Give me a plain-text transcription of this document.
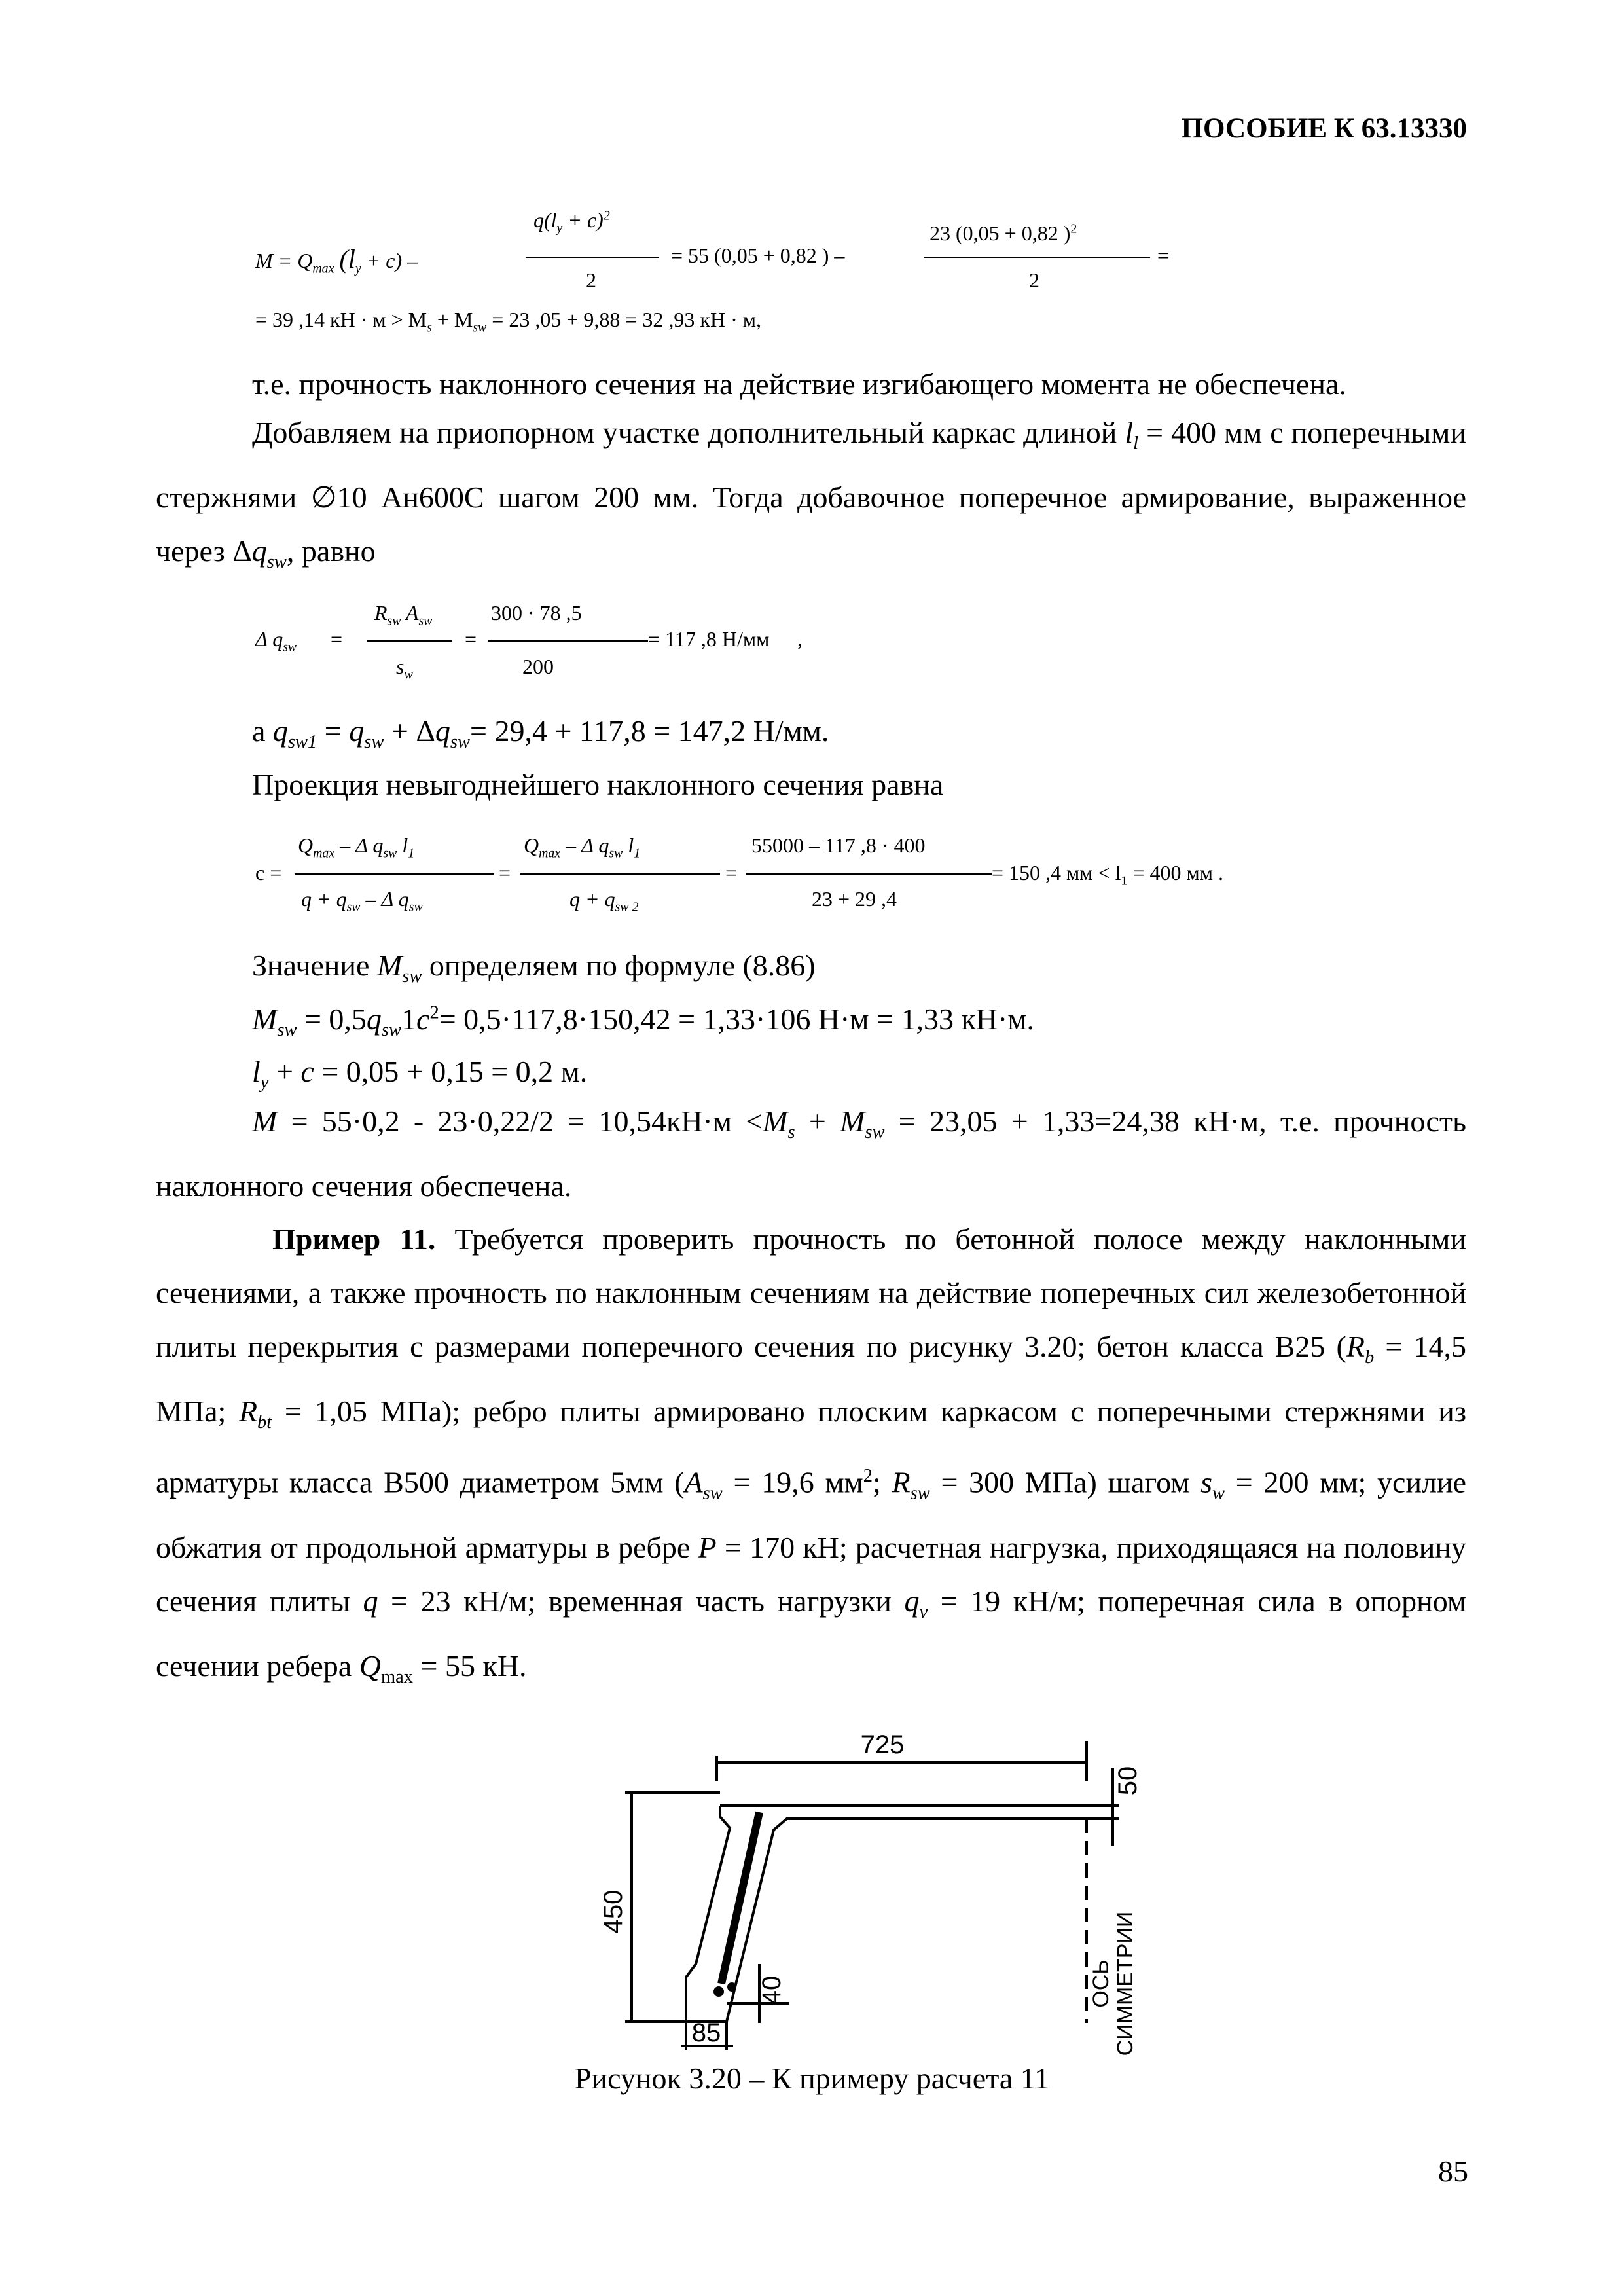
ПОСОБИЕ К 63.13330
$M = Q_{max}$ $(l_y + c)$ –
$q(l_y + c)^2$
2
= 55 (0,05 + 0,82 ) –
23 (0,05 + 0,82 )$^2$
2
=
= 39 ,14 кН · $м > M_s + M_{sw} = 23$ ,05 + 9,88 = 32 ,93 кН · м,
т.е. прочность наклонного сечения на действие изгибающего момента не обеспечена.
Добавляем на приопорном участке дополнительный каркас длиной $l_l = 400$ мм с поперечными стержнями ∅10 Ан600С шагом 200 мм. Тогда добавочное поперечное армирование, выраженное через $\Delta q_{sw}$, равно
Δ $q_{sw}$ =
$R_{sw}$ $A_{sw}$
$s_w$
=
300 · 78 ,5
200
= 117 ,8 Н/мм ,
а $q_{sw1} = q_{sw} + \Delta q_{sw}= 29,4 + 117,8 = 147,2$ Н/мм.
Проекция невыгоднейшего наклонного сечения равна
c =
$Q_{max}$ – Δ $q_{sw}$ $l_1$
$q + q_{sw} - \Delta$ $q_{sw}$
=
$Q_{max}$ – Δ $q_{sw}$ $l_1$
$q + q_{sw 2}$
=
55000 – 117 ,8 · 400
23 + 29 ,4
= 150 ,4 мм < $l_1 = 400$ мм .
Значение $M_{sw}$ определяем по формуле (8.86)
$M_{sw} = 0,5q_{sw}1c^2= 0,5\cdot 117,8\cdot 150,42 = 1,33\cdot 106$ Н·м = 1,33 кН·м.
$l_y + c = 0,05 + 0,15 = 0,2$ м.
$M = 55\cdot 0,2 - 23\cdot 0,22/2 = 10,54кН\cdot м <M_s + M_{sw} = 23,05 + 1,33=24,38$ кН·м, т.е. прочность наклонного сечения обеспечена.
Пример 11. Требуется проверить прочность по бетонной полосе между наклонными сечениями, а также прочность по наклонным сечениям на действие поперечных сил железобетонной плиты перекрытия с размерами поперечного сечения по рисунку 3.20; бетон класса В25 ($R_b = 14,5$ МПа; $R_{bt} = 1,05$ МПа); ребро плиты армировано плоским каркасом с поперечными стержнями из арматуры класса В500 диаметром 5мм ($A_{sw} = 19,6$ $мм^2$; $R_{sw} = 300$ МПа) шагом $s_w = 200$ мм; усилие обжатия от продольной арматуры в ребре P = 170 кН; расчетная нагрузка, приходящаяся на половину сечения плиты q = 23 кН/м; временная часть нагрузки $q_v = 19$ кН/м; поперечная сила в опорном сечении ребера $Q_{max} = 55$ кН.
725
50
450
40
85
ОСЬ СИММЕТРИИ
Рисунок 3.20 – К примеру расчета 11
85
